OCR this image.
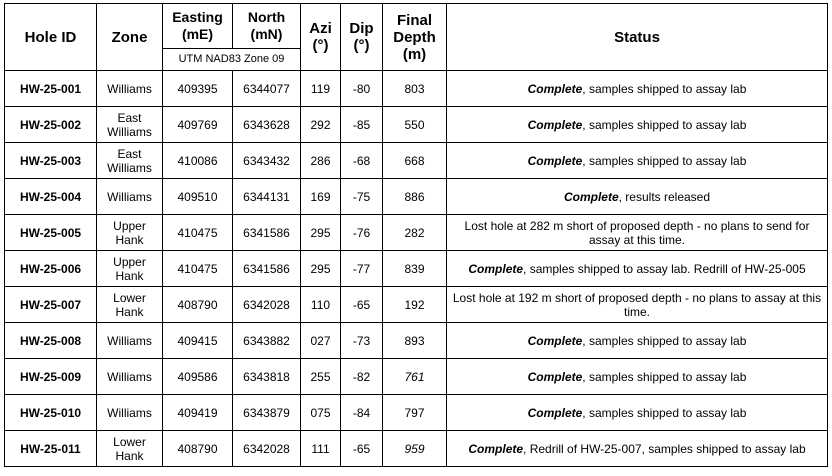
Hole ID	Zone	Easting (mE)	North (mN)	Azi (°)	Dip (°)	Final Depth (m)	Status
		UTM NAD83 Zone 09					
HW-25-001	Williams	409395	6344077	119	-80	803	Complete, samples shipped to assay lab
HW-25-002	East Williams	409769	6343628	292	-85	550	Complete, samples shipped to assay lab
HW-25-003	East Williams	410086	6343432	286	-68	668	Complete, samples shipped to assay lab
HW-25-004	Williams	409510	6344131	169	-75	886	Complete, results released
HW-25-005	Upper Hank	410475	6341586	295	-76	282	Lost hole at 282 m short of proposed depth - no plans to send for assay at this time.
HW-25-006	Upper Hank	410475	6341586	295	-77	839	Complete, samples shipped to assay lab. Redrill of HW-25-005
HW-25-007	Lower Hank	408790	6342028	110	-65	192	Lost hole at 192 m short of proposed depth - no plans to assay at this time.
HW-25-008	Williams	409415	6343882	027	-73	893	Complete, samples shipped to assay lab
HW-25-009	Williams	409586	6343818	255	-82	761	Complete, samples shipped to assay lab
HW-25-010	Williams	409419	6343879	075	-84	797	Complete, samples shipped to assay lab
HW-25-011	Lower Hank	408790	6342028	111	-65	959	Complete, Redrill of HW-25-007, samples shipped to assay lab
